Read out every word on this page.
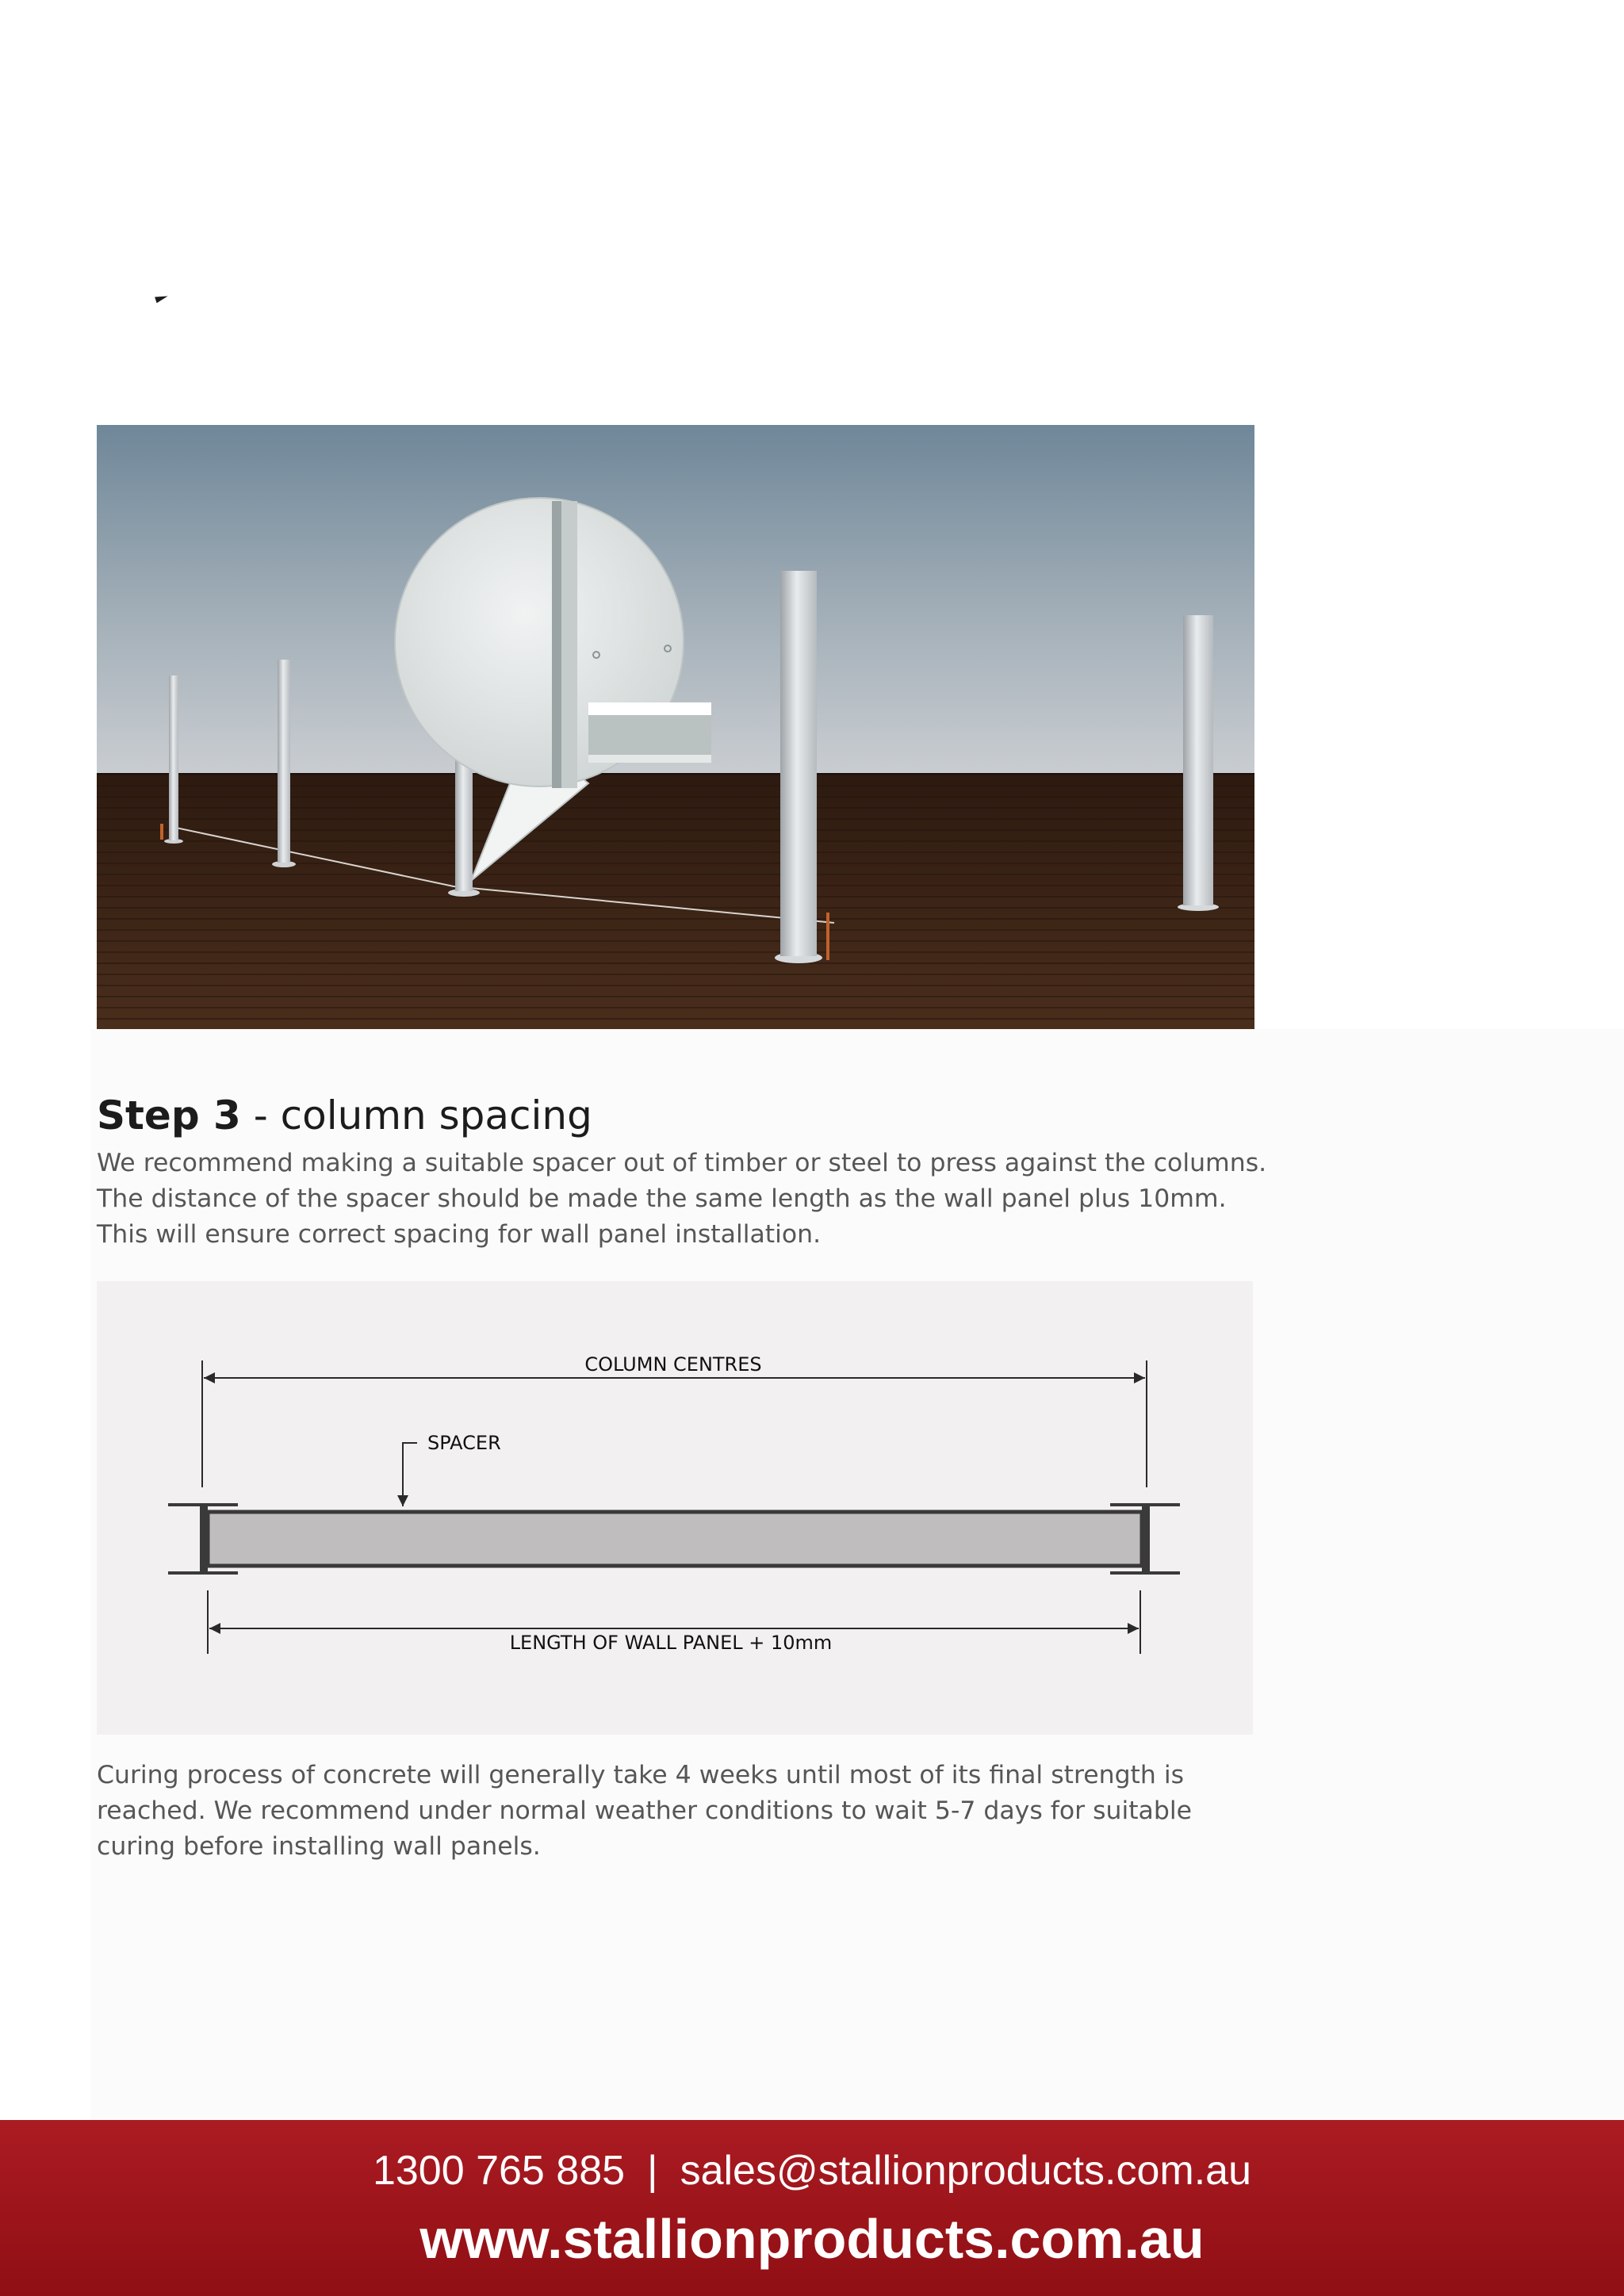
Step 3 - column spacing
We recommend making a suitable spacer out of timber or steel to press against the columns.
The distance of the spacer should be made the same length as the wall panel plus 10mm.
This will ensure correct spacing for wall panel installation.
COLUMN CENTRES
SPACER
LENGTH OF WALL PANEL + 10mm
Curing process of concrete will generally take 4 weeks until most of its final strength is
reached. We recommend under normal weather conditions to wait 5-7 days for suitable
curing before installing wall panels.
1300 765 885 | sales@stallionproducts.com.au
www.stallionproducts.com.au
